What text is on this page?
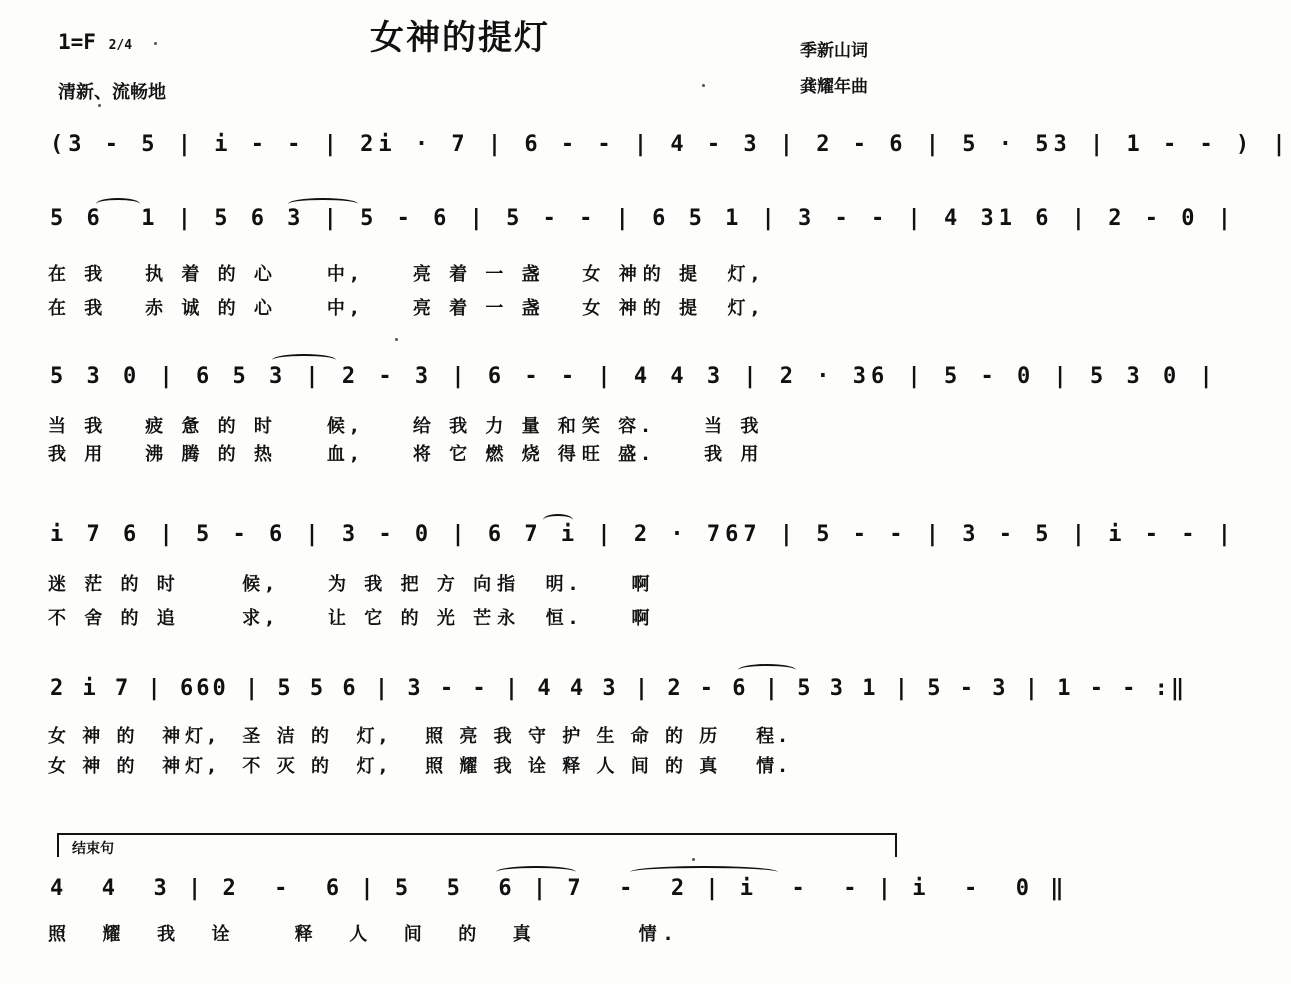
1=F 2/4	女神的提灯
清新、流畅地
季新山词
龚耀年曲
(3 - 5 | i - - | 2i · 7 | 6 - - | 4 - 3 | 2 - 6 | 5 · 53 | 1 - - ) |
5 6  1 | 5 6 3 | 5 - 6 | 5 - - | 6 5 1 | 3 - - | 4 31 6 | 2 - 0 |
在 我   执 着 的 心    中,    亮 着 一 盏   女 神的 提  灯,
在 我   赤 诚 的 心    中,    亮 着 一 盏   女 神的 提  灯,
5 3 0 | 6 5 3 | 2 - 3 | 6 - - | 4 4 3 | 2 · 36 | 5 - 0 | 5 3 0 |
当 我   疲 惫 的 时    候,    给 我 力 量 和笑 容.    当 我
我 用   沸 腾 的 热    血,    将 它 燃 烧 得旺 盛.    我 用
i 7 6 | 5 - 6 | 3 - 0 | 6 7 i | 2 · 767 | 5 - - | 3 - 5 | i - - |
迷 茫 的 时     候,    为 我 把 方 向指  明.    啊
不 舍 的 追     求,    让 它 的 光 芒永  恒.    啊
2 i 7 | 660 | 5 5 6 | 3 - - | 4 4 3 | 2 - 6 | 5 3 1 | 5 - 3 | 1 - - :‖
女 神 的  神灯,  圣 洁 的  灯,   照 亮 我 守 护 生 命 的 历   程.
女 神 的  神灯,  不 灭 的  灯,   照 耀 我 诠 释 人 间 的 真   情.
结束句
4  4  3 | 2  -  6 | 5  5  6 | 7  -  2 | i  -  - | i  -  0 ‖
照  耀  我  诠    释  人  间  的  真       情.
